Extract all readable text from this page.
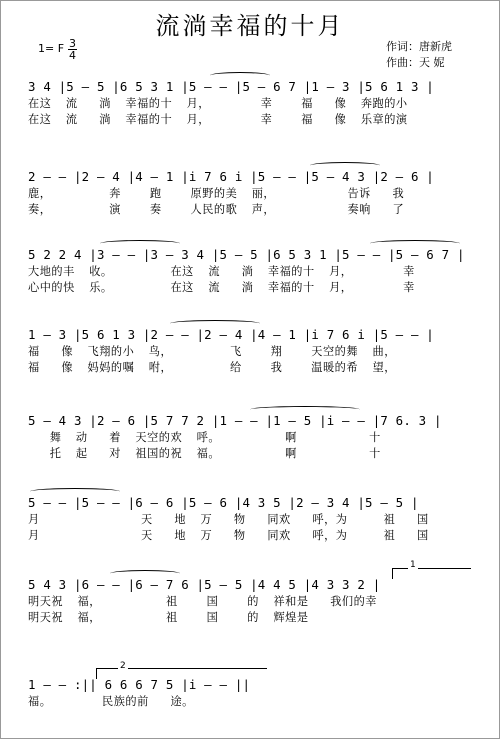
流淌幸福的十月
1= F 3
4
作词：唐新虎
作曲：天 妮
3 4 |5 — 5 |6 5 3 1 |5 — — |5 — 6 7 |1 — 3 |5 6 1 3 |
在这  流   淌  幸福的十  月，       幸    福   像  奔跑的小
在这  流   淌  幸福的十  月，       幸    福   像  乐章的演
2 — — |2 — 4 |4 — 1 |i 7 6 i |5 — — |5 — 4 3 |2 — 6 |
鹿，        奔    跑    原野的美  丽，          告诉   我
奏，        演    奏    人民的歌  声，          奏响   了
5 2 2 4 |3 — — |3 — 3 4 |5 — 5 |6 5 3 1 |5 — — |5 — 6 7 |
大地的丰  收。        在这  流   淌  幸福的十  月，       幸
心中的快  乐。        在这  流   淌  幸福的十  月，       幸
1 — 3 |5 6 1 3 |2 — — |2 — 4 |4 — 1 |i 7 6 i |5 — — |
福   像  飞翔的小  鸟，        飞    翔    天空的舞  曲，
福   像  妈妈的嘱  咐，        给    我    温暖的希  望，
5 — 4 3 |2 — 6 |5 7 7 2 |1 — — |1 — 5 |i — — |7 6. 3 |
舞  动   着  天空的欢  呼。         啊          十
托  起   对  祖国的祝  福。         啊          十
5 — — |5 — — |6 — 6 |5 — 6 |4 3 5 |2 — 3 4 |5 — 5 |
月              天   地  万   物   同欢   呼，为     祖   国
月              天   地  万   物   同欢   呼，为     祖   国
5 4 3 |6 — — |6 — 7 6 |5 — 5 |4 4 5 |4 3 3 2 |
明天祝  福，         祖    国    的  祥和是   我们的幸
明天祝  福，         祖    国    的  辉煌是
1 — — :|| 6 6 6 7 5 |i — — ||
福。       民族的前   途。
1
2
